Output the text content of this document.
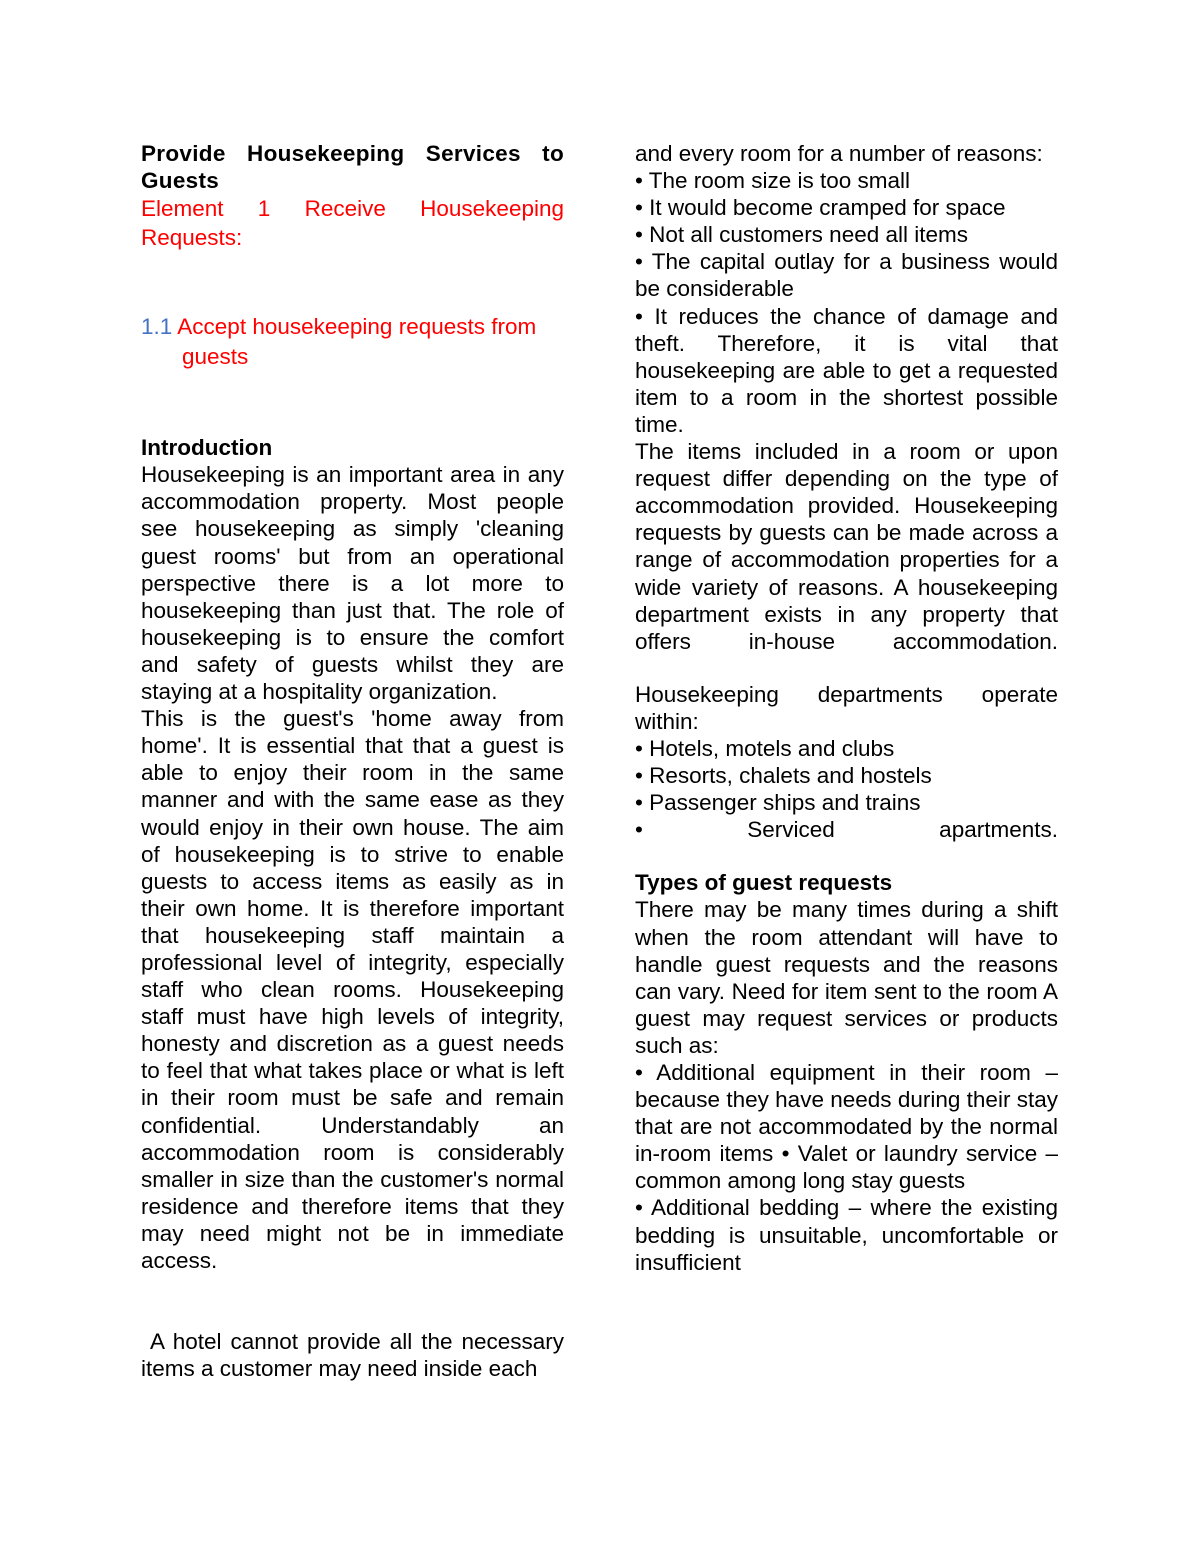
Provide Housekeeping Services to Guests

Element 1 Receive Housekeeping Requests:

1.1 Accept housekeeping requests from guests

Introduction

Housekeeping is an important area in any accommodation property. Most people see housekeeping as simply 'cleaning guest rooms' but from an operational perspective there is a lot more to housekeeping than just that. The role of housekeeping is to ensure the comfort and safety of guests whilst they are staying at a hospitality organization.

This is the guest's 'home away from home'. It is essential that that a guest is able to enjoy their room in the same manner and with the same ease as they would enjoy in their own house. The aim of housekeeping is to strive to enable guests to access items as easily as in their own home. It is therefore important that housekeeping staff maintain a professional level of integrity, especially staff who clean rooms. Housekeeping staff must have high levels of integrity, honesty and discretion as a guest needs to feel that what takes place or what is left in their room must be safe and remain confidential. Understandably an accommodation room is considerably smaller in size than the customer's normal residence and therefore items that they may need might not be in immediate access.

A hotel cannot provide all the necessary items a customer may need inside each

and every room for a number of reasons:

• The room size is too small

• It would become cramped for space

• Not all customers need all items

• The capital outlay for a business would be considerable

• It reduces the chance of damage and theft. Therefore, it is vital that housekeeping are able to get a requested item to a room in the shortest possible time.

The items included in a room or upon request differ depending on the type of accommodation provided. Housekeeping requests by guests can be made across a range of accommodation properties for a wide variety of reasons. A housekeeping department exists in any property that offers in-house accommodation.

Housekeeping departments operate within:

• Hotels, motels and clubs

• Resorts, chalets and hostels

• Passenger ships and trains

• Serviced apartments.

Types of guest requests

There may be many times during a shift when the room attendant will have to handle guest requests and the reasons can vary. Need for item sent to the room A guest may request services or products such as:

• Additional equipment in their room – because they have needs during their stay that are not accommodated by the normal in-room items • Valet or laundry service – common among long stay guests

• Additional bedding – where the existing bedding is unsuitable, uncomfortable or insufficient
